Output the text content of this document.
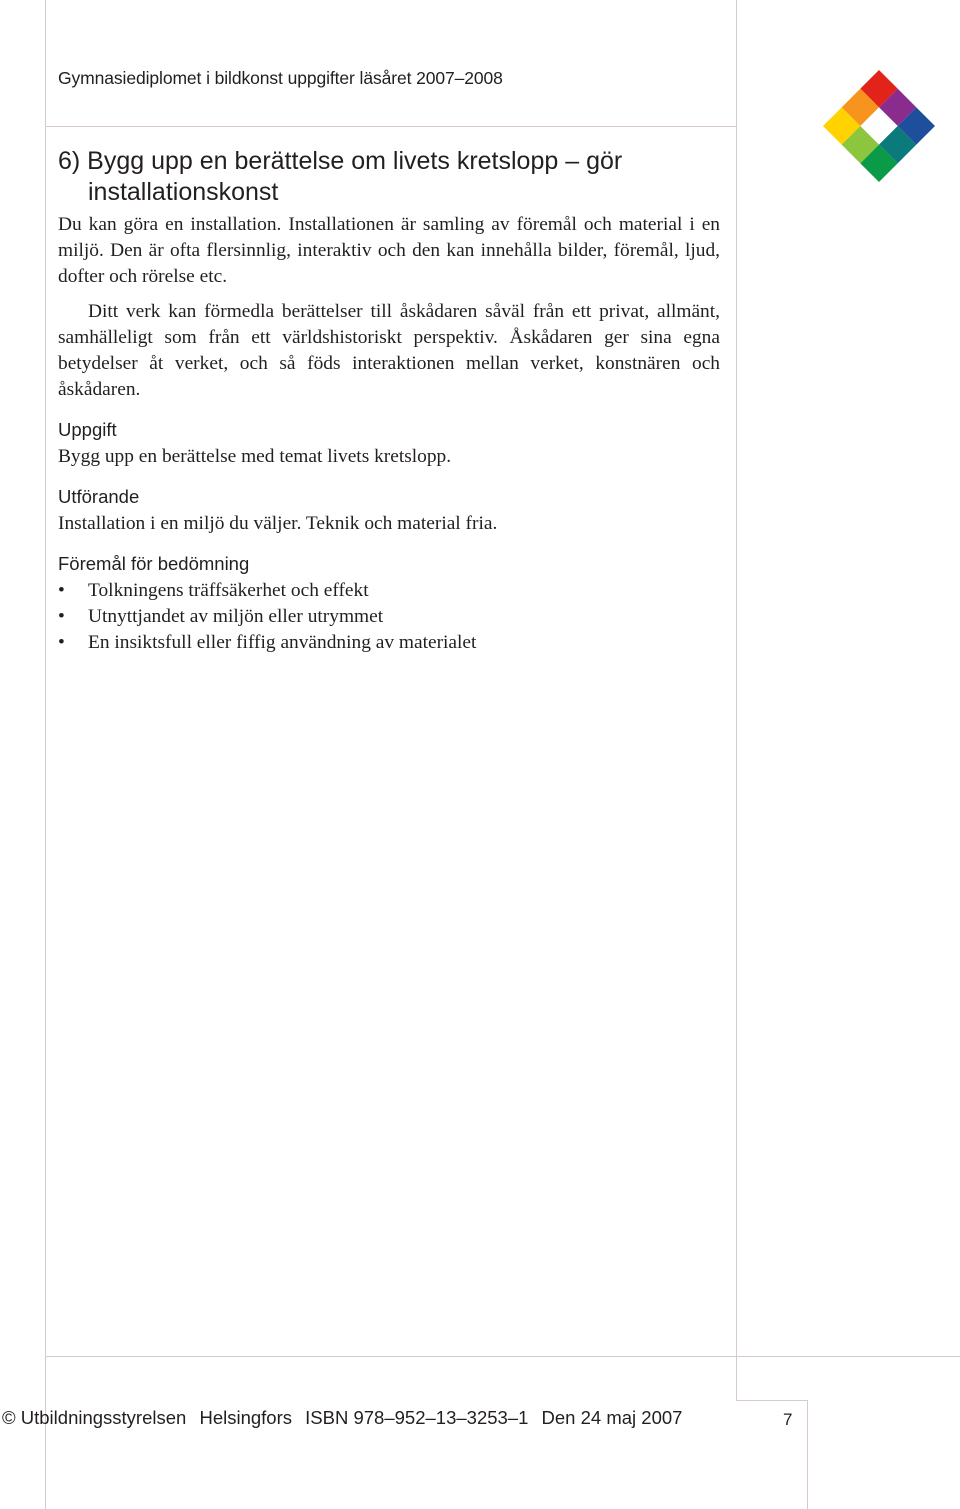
Gymnasiediplomet i bildkonst uppgifter läsåret 2007–2008
6) Bygg upp en berättelse om livets kretslopp – gör installationskonst

Du kan göra en installation. Installationen är samling av föremål och material i en miljö. Den är ofta flersinnlig, interaktiv och den kan innehålla bilder, föremål, ljud, dofter och rörelse etc.

Ditt verk kan förmedla berättelser till åskådaren såväl från ett privat, allmänt, samhälleligt som från ett världshistoriskt perspektiv. Åskådaren ger sina egna betydelser åt verket, och så föds interaktionen mellan verket, konstnären och åskådaren.

Uppgift

Bygg upp en berättelse med temat livets kretslopp.

Utförande

Installation i en miljö du väljer. Teknik och material fria.

Föremål för bedömning
• Tolkningens träffsäkerhet och effekt
• Utnyttjandet av miljön eller utrymmet
• En insiktsfull eller fiffig användning av materialet
© Utbildningsstyrelsen Helsingfors ISBN 978–952–13–3253–1 Den 24 maj 2007	7
